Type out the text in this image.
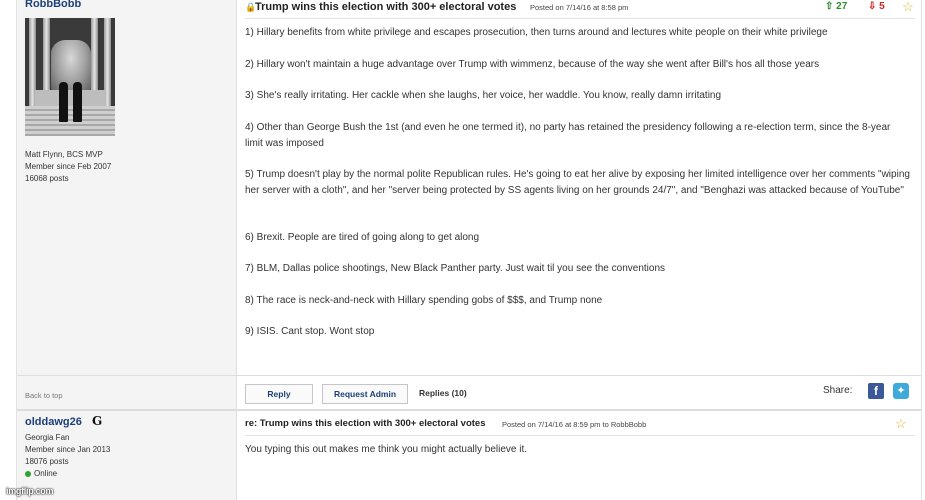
RobbBobb
Matt Flynn, BCS MVP
Member since Feb 2007
16068 posts
Back to top
🔒
Trump wins this election with 300+ electoral votes Posted on 7/14/16 at 8:58 pm	⇧ 27 ⇩ 5 ☆
1) Hillary benefits from white privilege and escapes prosecution, then turns around and lectures white people on their white privilege
2) Hillary won't maintain a huge advantage over Trump with wimmenz, because of the way she went after Bill's hos all those years
3) She's really irritating. Her cackle when she laughs, her voice, her waddle. You know, really damn irritating
4) Other than George Bush the 1st (and even he one termed it), no party has retained the presidency following a re-election term, since the 8-year limit was imposed
5) Trump doesn't play by the normal polite Republican rules. He's going to eat her alive by exposing her limited intelligence over her comments "wiping her server with a cloth", and her "server being protected by SS agents living on her grounds 24/7", and "Benghazi was attacked because of YouTube"
6) Brexit. People are tired of going along to get along
7) BLM, Dallas police shootings, New Black Panther party. Just wait til you see the conventions
8) The race is neck-and-neck with Hillary spending gobs of $$$, and Trump none
9) ISIS. Cant stop. Wont stop
Reply	Request Admin	Replies (10)	Share:	f	✦
olddawg26 G
Georgia Fan
Member since Jan 2013
18076 posts
Online
re: Trump wins this election with 300+ electoral votes Posted on 7/14/16 at 8:59 pm to RobbBobb	☆
You typing this out makes me think you might actually believe it.
imgflip.com
